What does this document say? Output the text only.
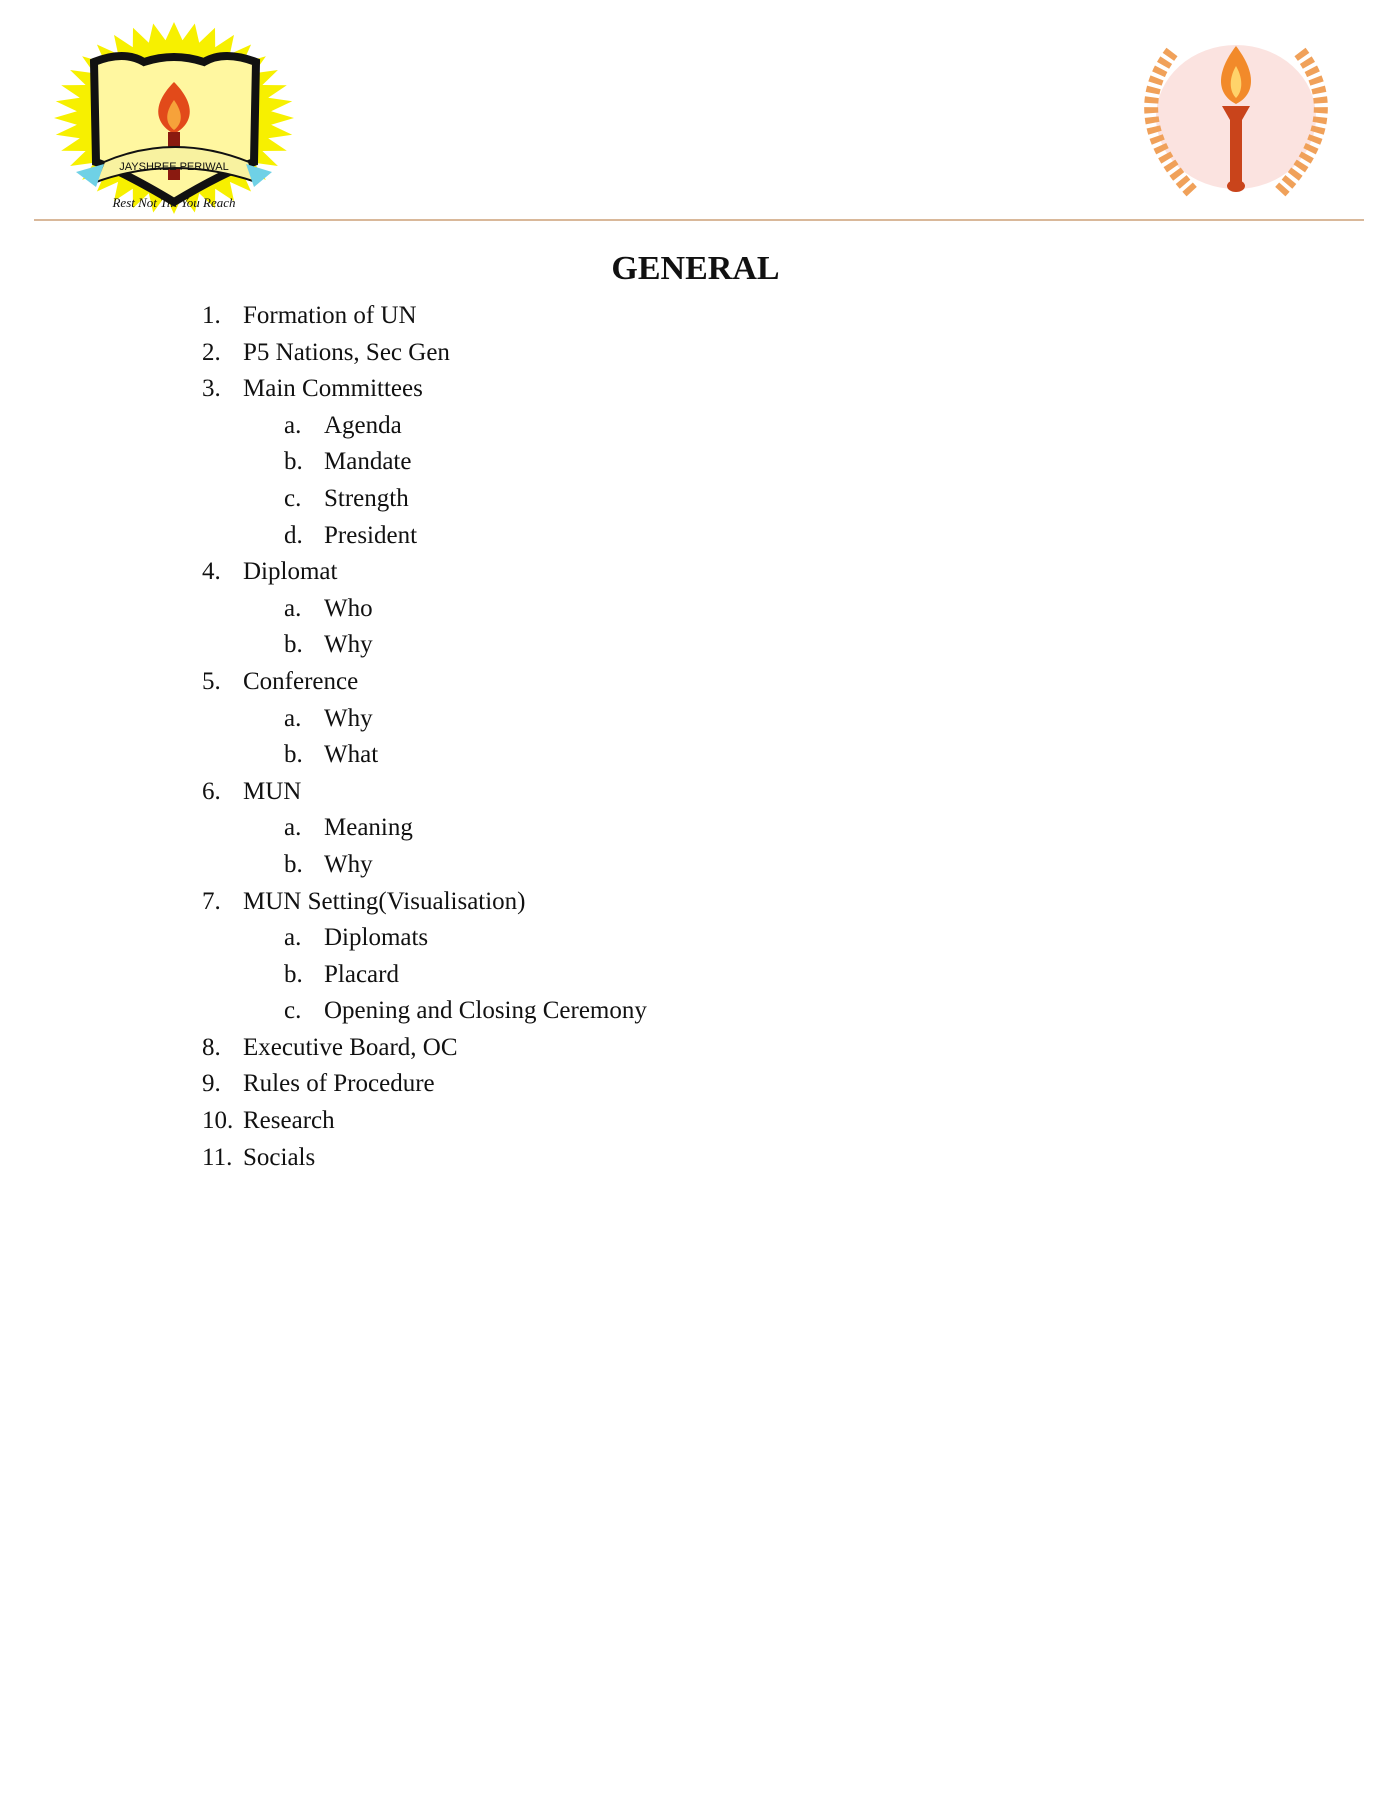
JAYSHREE PERIWAL
Rest Not Till You Reach
GENERAL
1. Formation of UN
2. P5 Nations, Sec Gen
3. Main Committees
a. Agenda
b. Mandate
c. Strength
d. President
4. Diplomat
a. Who
b. Why
5. Conference
a. Why
b. What
6. MUN
a. Meaning
b. Why
7. MUN Setting(Visualisation)
a. Diplomats
b. Placard
c. Opening and Closing Ceremony
8. Executive Board, OC
9. Rules of Procedure
10. Research
11. Socials
